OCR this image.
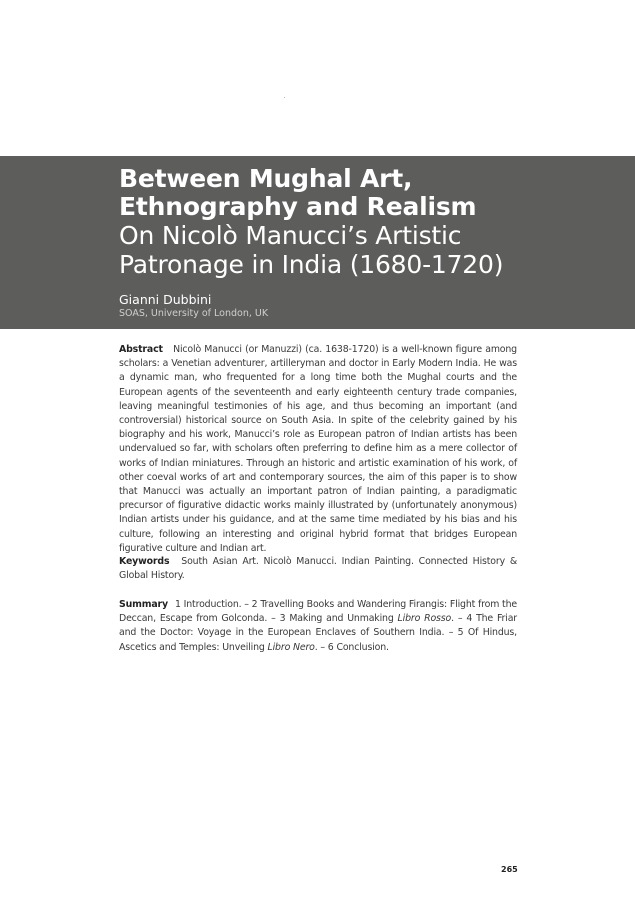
Between Mughal Art, Ethnography and Realism
On Nicolò Manucci’s Artistic Patronage in India (1680-1720)
Gianni Dubbini
SOAS, University of London, UK
Abstract Nicolò Manucci (or Manuzzi) (ca. 1638-1720) is a well-known figure among scholars: a Venetian adventurer, artilleryman and doctor in Early Modern India. He was a dynamic man, who frequented for a long time both the Mughal courts and the European agents of the seventeenth and early eighteenth century trade companies, leaving meaningful testimonies of his age, and thus becoming an important (and controversial) historical source on South Asia. In spite of the celebrity gained by his biography and his work, Manucci’s role as European patron of Indian artists has been undervalued so far, with scholars often preferring to define him as a mere collector of works of Indian miniatures. Through an historic and artistic examination of his work, of other coeval works of art and contemporary sources, the aim of this paper is to show that Manucci was actually an important patron of Indian painting, a paradigmatic precursor of figurative didactic works mainly illustrated by (unfortunately anonymous) Indian artists under his guidance, and at the same time mediated by his bias and his culture, following an interesting and original hybrid format that bridges European figurative culture and Indian art.
Keywords South Asian Art. Nicolò Manucci. Indian Painting. Connected History & Global History.
Summary 1 Introduction. – 2 Travelling Books and Wandering Firangis: Flight from the Deccan, Escape from Golconda. – 3 Making and Unmaking Libro Rosso. – 4 The Friar and the Doctor: Voyage in the European Enclaves of Southern India. – 5 Of Hindus, Ascetics and Temples: Unveiling Libro Nero. – 6 Conclusion.
265
